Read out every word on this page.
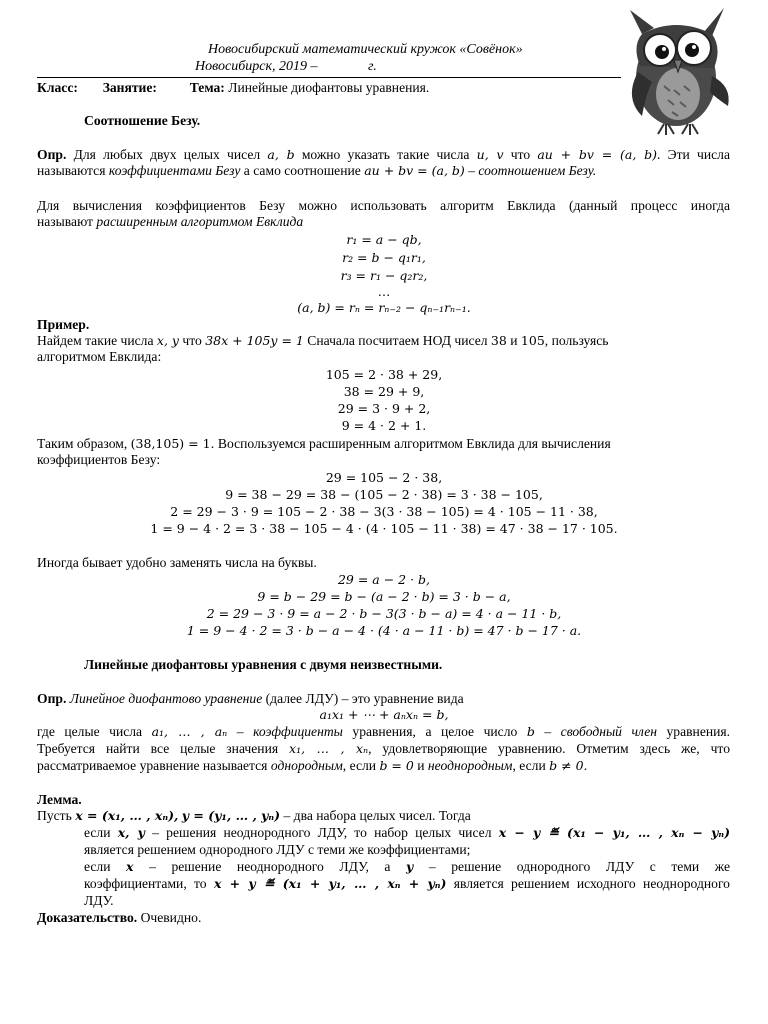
Новосибирский математический кружок «Совёнок»
Новосибирск, 2019 –	г.
Класс: Занятие: Тема: Линейные диофантовы уравнения.
Соотношение Безу.
Опр. Для любых двух целых чисел a, b можно указать такие числа u, v что au + bv = (a, b). Эти числа
называются коэффициентами Безу а само соотношение au + bv = (a, b) – соотношением Безу.
Для вычисления коэффициентов Безу можно использовать алгоритм Евклида (данный процесс иногда
называют расширенным алгоритмом Евклида
r₁ = a − qb,
r₂ = b − q₁r₁,
r₃ = r₁ − q₂r₂,
…
(a, b) = rₙ = rₙ₋₂ − qₙ₋₁rₙ₋₁.
Пример.
Найдем такие числа x, y что 38x + 105y = 1 Сначала посчитаем НОД чисел 38 и 105, пользуясь
алгоритмом Евклида:
105 = 2 · 38 + 29,
38 = 29 + 9,
29 = 3 · 9 + 2,
9 = 4 · 2 + 1.
Таким образом, (38,105) = 1. Воспользуемся расширенным алгоритмом Евклида для вычисления
коэффициентов Безу:
29 = 105 − 2 · 38,
9 = 38 − 29 = 38 − (105 − 2 · 38) = 3 · 38 − 105,
2 = 29 − 3 · 9 = 105 − 2 · 38 − 3(3 · 38 − 105) = 4 · 105 − 11 · 38,
1 = 9 − 4 · 2 = 3 · 38 − 105 − 4 · (4 · 105 − 11 · 38) = 47 · 38 − 17 · 105.
Иногда бывает удобно заменять числа на буквы.
29 = a − 2 · b,
9 = b − 29 = b − (a − 2 · b) = 3 · b − a,
2 = 29 − 3 · 9 = a − 2 · b − 3(3 · b − a) = 4 · a − 11 · b,
1 = 9 − 4 · 2 = 3 · b − a − 4 · (4 · a − 11 · b) = 47 · b − 17 · a.
Линейные диофантовы уравнения с двумя неизвестными.
Опр. Линейное диофантово уравнение (далее ЛДУ) – это уравнение вида
a₁x₁ + ⋯ + aₙxₙ = b,
где целые числа a₁, … , aₙ – коэффициенты уравнения, а целое число b – свободный член уравнения.
Требуется найти все целые значения x₁, … , xₙ, удовлетворяющие уравнению. Отметим здесь же, что
рассматриваемое уравнение называется однородным, если b = 0 и неоднородным, если b ≠ 0.
Лемма.
Пусть x = (x₁, … , xₙ), y = (y₁, … , yₙ) – два набора целых чисел. Тогда
если x, y – решения неоднородного ЛДУ, то набор целых чисел x − y ≝ (x₁ − y₁, … , xₙ − yₙ)
является решением однородного ЛДУ с теми же коэффициентами;
если x – решение неоднородного ЛДУ, а y – решение однородного ЛДУ с теми же
коэффициентами, то x + y ≝ (x₁ + y₁, … , xₙ + yₙ) является решением исходного неоднородного
ЛДУ.
Доказательство. Очевидно.
